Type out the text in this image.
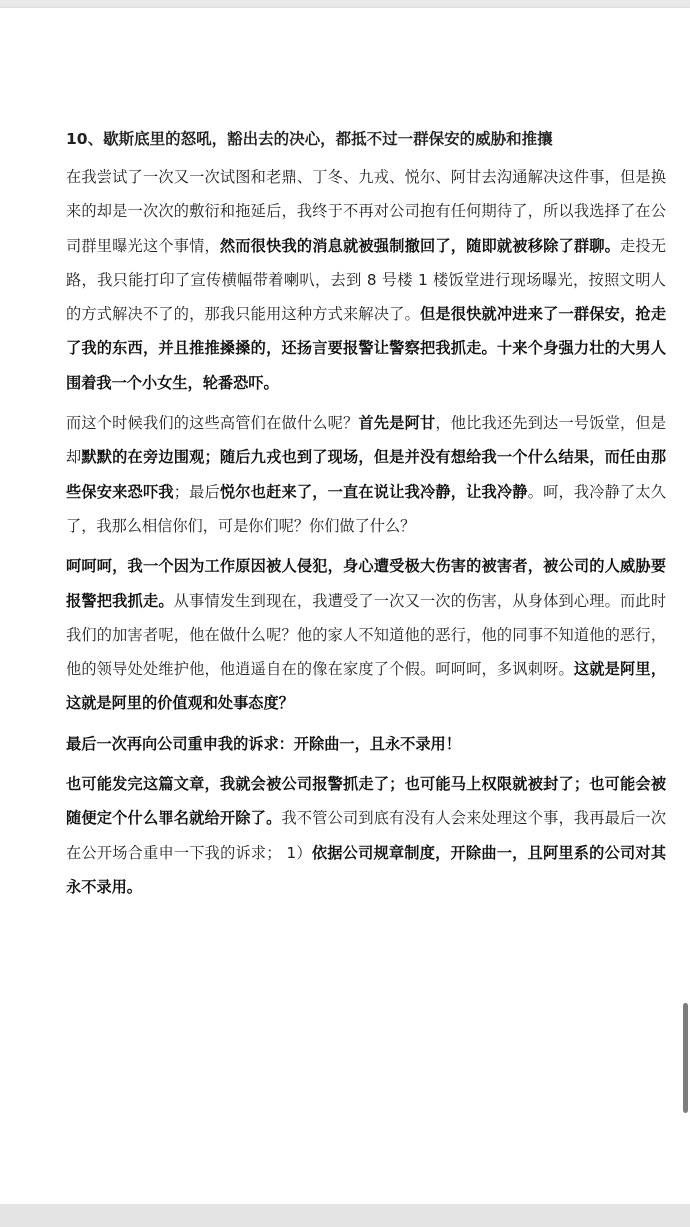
10、歇斯底里的怒吼，豁出去的决心，都抵不过一群保安的威胁和推攘
在我尝试了一次又一次试图和老鼎、丁冬、九戎、悦尔、阿甘去沟通解决这件事，但是换来的却是一次次的敷衍和拖延后，我终于不再对公司抱有任何期待了，所以我选择了在公司群里曝光这个事情，然而很快我的消息就被强制撤回了，随即就被移除了群聊。走投无路，我只能打印了宣传横幅带着喇叭，去到 8 号楼 1 楼饭堂进行现场曝光，按照文明人的方式解决不了的，那我只能用这种方式来解决了。但是很快就冲进来了一群保安，抢走了我的东西，并且推推搡搡的，还扬言要报警让警察把我抓走。十来个身强力壮的大男人围着我一个小女生，轮番恐吓。
而这个时候我们的这些高管们在做什么呢？首先是阿甘，他比我还先到达一号饭堂，但是却默默的在旁边围观；随后九戎也到了现场，但是并没有想给我一个什么结果，而任由那些保安来恐吓我；最后悦尔也赶来了，一直在说让我冷静，让我冷静。呵，我冷静了太久了，我那么相信你们，可是你们呢？你们做了什么？
呵呵呵，我一个因为工作原因被人侵犯，身心遭受极大伤害的被害者，被公司的人威胁要报警把我抓走。从事情发生到现在，我遭受了一次又一次的伤害，从身体到心理。而此时我们的加害者呢，他在做什么呢？他的家人不知道他的恶行，他的同事不知道他的恶行，他的领导处处维护他，他逍遥自在的像在家度了个假。呵呵呵，多讽刺呀。这就是阿里，这就是阿里的价值观和处事态度？
最后一次再向公司重申我的诉求：开除曲一，且永不录用！
也可能发完这篇文章，我就会被公司报警抓走了；也可能马上权限就被封了；也可能会被随便定个什么罪名就给开除了。我不管公司到底有没有人会来处理这个事，我再最后一次在公开场合重申一下我的诉求； 1）依据公司规章制度，开除曲一，且阿里系的公司对其永不录用。
